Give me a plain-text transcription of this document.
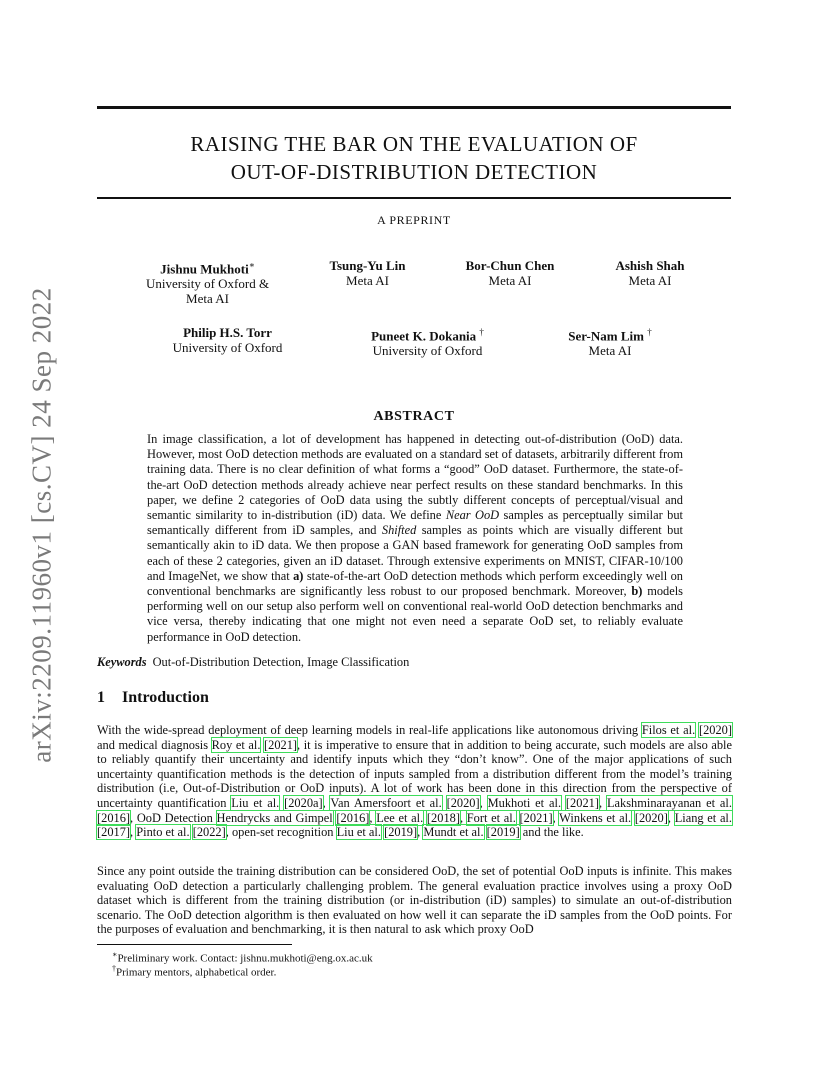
arXiv:2209.11960v1 [cs.CV] 24 Sep 2022
RAISING THE BAR ON THE EVALUATION OF
OUT-OF-DISTRIBUTION DETECTION
A PREPRINT
Jishnu Mukhoti∗
University of Oxford &
Meta AI
Tsung-Yu Lin
Meta AI
Bor-Chun Chen
Meta AI
Ashish Shah
Meta AI
Philip H.S. Torr
University of Oxford
Puneet K. Dokania †
University of Oxford
Ser-Nam Lim †
Meta AI
ABSTRACT
In image classification, a lot of development has happened in detecting out-of-distribution (OoD) data. However, most OoD detection methods are evaluated on a standard set of datasets, arbitrarily different from training data. There is no clear definition of what forms a “good” OoD dataset. Furthermore, the state-of-the-art OoD detection methods already achieve near perfect results on these standard benchmarks. In this paper, we define 2 categories of OoD data using the subtly different concepts of perceptual/visual and semantic similarity to in-distribution (iD) data. We define Near OoD samples as perceptually similar but semantically different from iD samples, and Shifted samples as points which are visually different but semantically akin to iD data. We then propose a GAN based framework for generating OoD samples from each of these 2 categories, given an iD dataset. Through extensive experiments on MNIST, CIFAR-10/100 and ImageNet, we show that a) state-of-the-art OoD detection methods which perform exceedingly well on conventional benchmarks are significantly less robust to our proposed benchmark. Moreover, b) models performing well on our setup also perform well on conventional real-world OoD detection benchmarks and vice versa, thereby indicating that one might not even need a separate OoD set, to reliably evaluate performance in OoD detection.
Keywords Out-of-Distribution Detection, Image Classification
1 Introduction
With the wide-spread deployment of deep learning models in real-life applications like autonomous driving Filos et al. [2020] and medical diagnosis Roy et al. [2021], it is imperative to ensure that in addition to being accurate, such models are also able to reliably quantify their uncertainty and identify inputs which they “don’t know”. One of the major applications of such uncertainty quantification methods is the detection of inputs sampled from a distribution different from the model’s training distribution (i.e, Out-of-Distribution or OoD inputs). A lot of work has been done in this direction from the perspective of uncertainty quantification Liu et al. [2020a], Van Amersfoort et al. [2020], Mukhoti et al. [2021], Lakshminarayanan et al. [2016], OoD Detection Hendrycks and Gimpel [2016], Lee et al. [2018], Fort et al. [2021], Winkens et al. [2020], Liang et al. [2017], Pinto et al. [2022], open-set recognition Liu et al. [2019], Mundt et al. [2019] and the like.
Since any point outside the training distribution can be considered OoD, the set of potential OoD inputs is infinite. This makes evaluating OoD detection a particularly challenging problem. The general evaluation practice involves using a proxy OoD dataset which is different from the training distribution (or in-distribution (iD) samples) to simulate an out-of-distribution scenario. The OoD detection algorithm is then evaluated on how well it can separate the iD samples from the OoD points. For the purposes of evaluation and benchmarking, it is then natural to ask which proxy OoD
∗Preliminary work. Contact: jishnu.mukhoti@eng.ox.ac.uk
†Primary mentors, alphabetical order.
